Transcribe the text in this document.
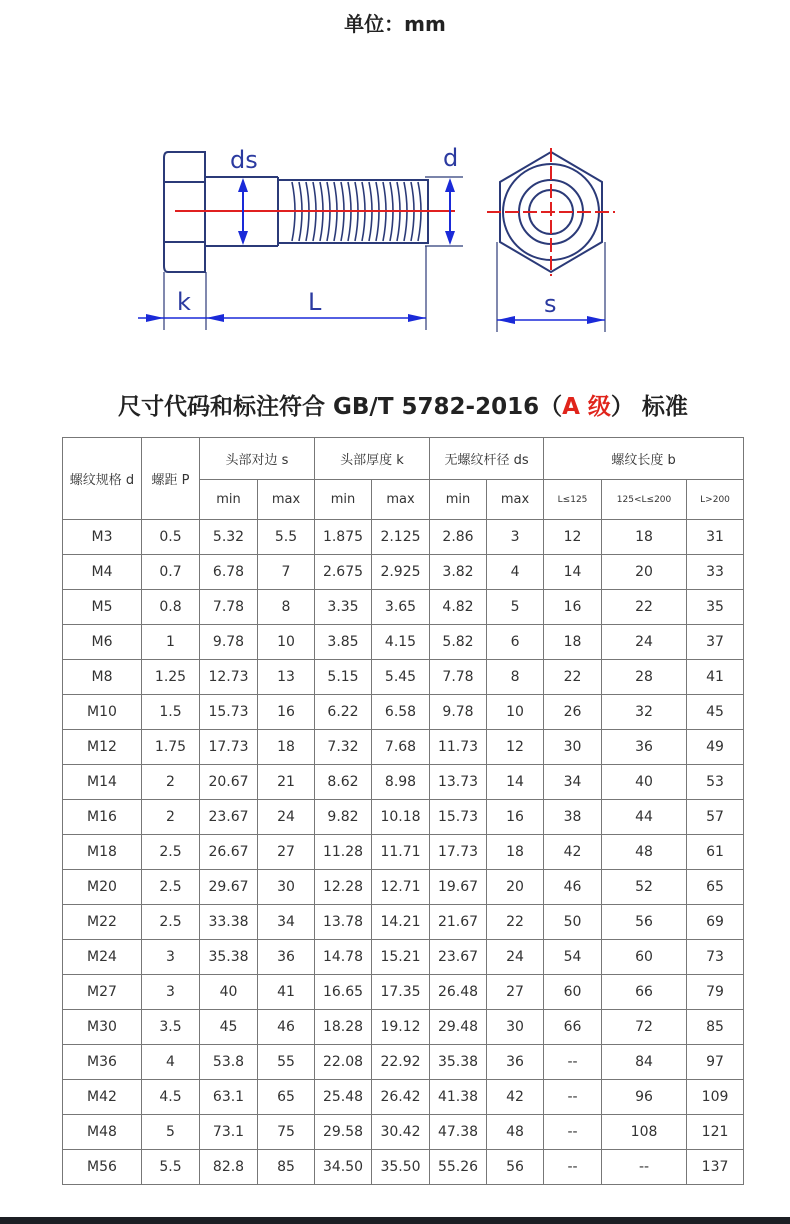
单位：mm
ds	d
k	L	s
尺寸代码和标注符合 GB/T 5782-2016（A 级） 标准
螺纹规格 d	螺距 P	头部对边 s		头部厚度 k		无螺纹杆径 ds		螺纹长度 b		
		min	max	min	max	min	max	L≤125	125<L≤200	L>200
M3	0.5	5.32	5.5	1.875	2.125	2.86	3	12	18	31
M4	0.7	6.78	7	2.675	2.925	3.82	4	14	20	33
M5	0.8	7.78	8	3.35	3.65	4.82	5	16	22	35
M6	1	9.78	10	3.85	4.15	5.82	6	18	24	37
M8	1.25	12.73	13	5.15	5.45	7.78	8	22	28	41
M10	1.5	15.73	16	6.22	6.58	9.78	10	26	32	45
M12	1.75	17.73	18	7.32	7.68	11.73	12	30	36	49
M14	2	20.67	21	8.62	8.98	13.73	14	34	40	53
M16	2	23.67	24	9.82	10.18	15.73	16	38	44	57
M18	2.5	26.67	27	11.28	11.71	17.73	18	42	48	61
M20	2.5	29.67	30	12.28	12.71	19.67	20	46	52	65
M22	2.5	33.38	34	13.78	14.21	21.67	22	50	56	69
M24	3	35.38	36	14.78	15.21	23.67	24	54	60	73
M27	3	40	41	16.65	17.35	26.48	27	60	66	79
M30	3.5	45	46	18.28	19.12	29.48	30	66	72	85
M36	4	53.8	55	22.08	22.92	35.38	36	--	84	97
M42	4.5	63.1	65	25.48	26.42	41.38	42	--	96	109
M48	5	73.1	75	29.58	30.42	47.38	48	--	108	121
M56	5.5	82.8	85	34.50	35.50	55.26	56	--	--	137
